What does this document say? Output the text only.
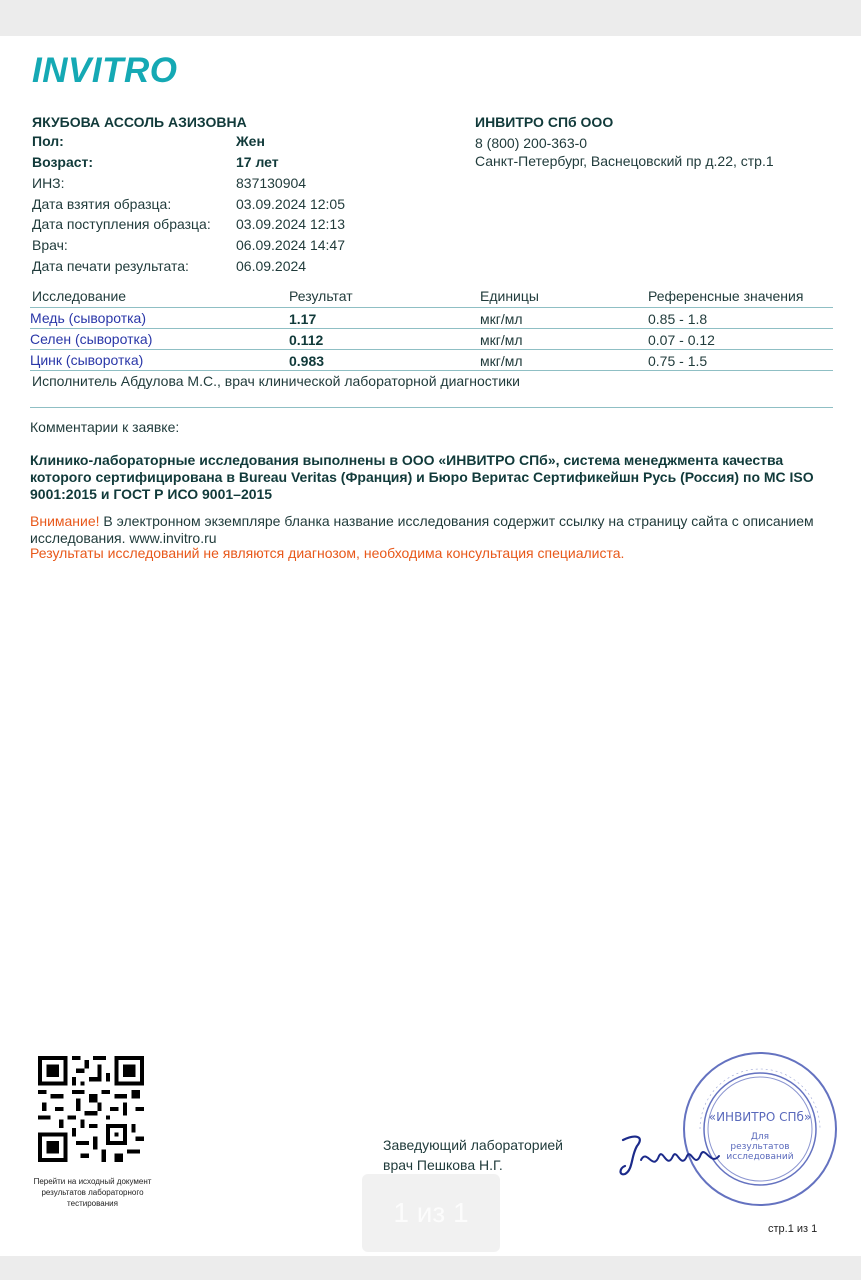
INVITRO
ЯКУБОВА АССОЛЬ АЗИЗОВНА
Пол:	Жен
Возраст:	17 лет
ИНЗ:	837130904
Дата взятия образца:	03.09.2024 12:05
Дата поступления образца: 03.09.2024 12:13
Врач:	06.09.2024 14:47
Дата печати результата:	06.09.2024
ИНВИТРО СПб ООО
8 (800) 200-363-0
Санкт-Петербург, Васнецовский пр д.22, стр.1
Исследование	Результат	Единицы	Референсные значения
Медь (сыворотка)	1.17	мкг/мл	0.85 - 1.8
Селен (сыворотка)	0.112	мкг/мл	0.07 - 0.12
Цинк (сыворотка)	0.983	мкг/мл	0.75 - 1.5
Исполнитель Абдулова М.С., врач клинической лабораторной диагностики
Комментарии к заявке:
Клинико-лабораторные исследования выполнены в ООО «ИНВИТРО СПб», система менеджмента качества которого сертифицирована в Bureau Veritas (Франция) и Бюро Веритас Сертификейшн Русь (Россия) по МС ISO 9001:2015 и ГОСТ Р ИСО 9001–2015
Внимание! В электронном экземпляре бланка название исследования содержит ссылку на страницу сайта с описанием исследования. www.invitro.ru
Результаты исследований не являются диагнозом, необходима консультация специалиста.
Перейти на исходный документ результатов лабораторного тестирования
Заведующий лабораторией
врач Пешкова Н.Г.
«ИНВИТРО СПб»
Для
результатов
исследований
1 из 1
стр.1 из 1
